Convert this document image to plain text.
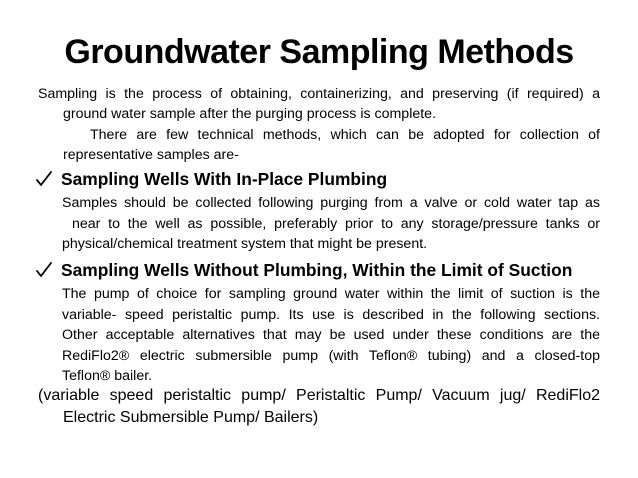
Groundwater Sampling Methods
Sampling is the process of obtaining, containerizing, and preserving (if required) a
ground water sample after the purging process is complete.
There are few technical methods, which can be adopted for collection of
representative samples are-
Sampling Wells With In-Place Plumbing
Samples should be collected following purging from a valve or cold water tap as
near to the well as possible, preferably prior to any storage/pressure tanks or
physical/chemical treatment system that might be present.
Sampling Wells Without Plumbing, Within the Limit of Suction
The pump of choice for sampling ground water within the limit of suction is the
variable- speed peristaltic pump. Its use is described in the following sections.
Other acceptable alternatives that may be used under these conditions are the
RediFlo2® electric submersible pump (with Teflon® tubing) and a closed-top
Teflon® bailer.
(variable speed peristaltic pump/ Peristaltic Pump/ Vacuum jug/ RediFlo2
Electric Submersible Pump/ Bailers)
